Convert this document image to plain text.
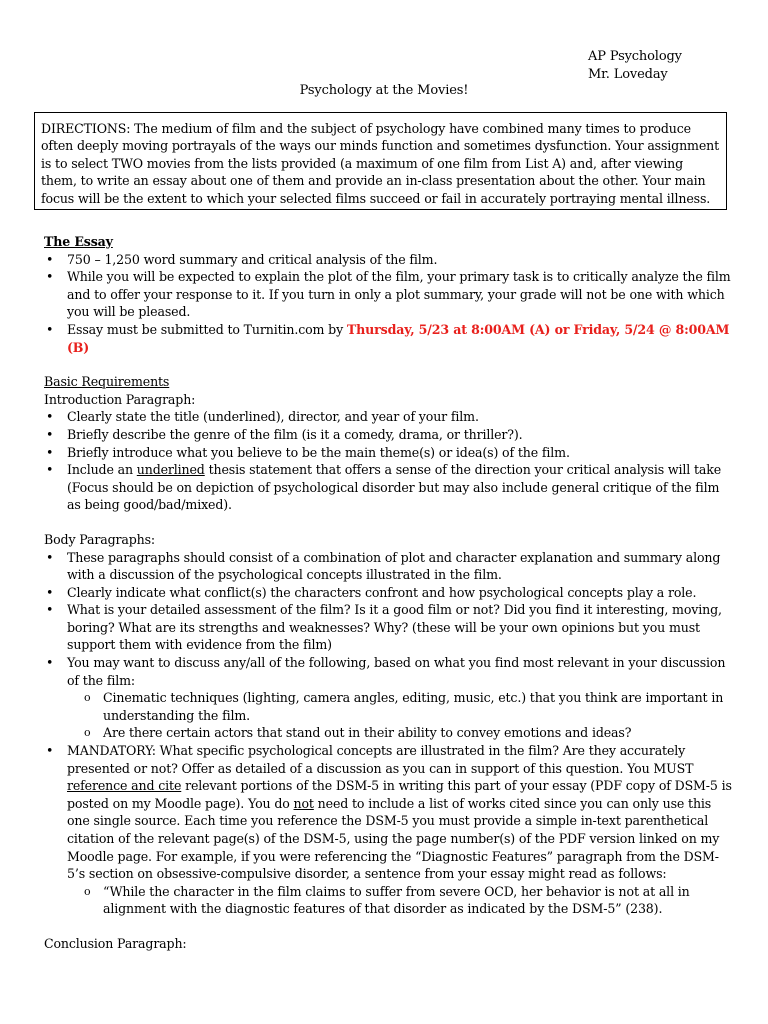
AP Psychology
Mr. Loveday
Psychology at the Movies!
DIRECTIONS: The medium of film and the subject of psychology have combined many times to produce often deeply moving portrayals of the ways our minds function and sometimes dysfunction. Your assignment is to select TWO movies from the lists provided (a maximum of one film from List A) and, after viewing them, to write an essay about one of them and provide an in-class presentation about the other. Your main focus will be the extent to which your selected films succeed or fail in accurately portraying mental illness.
The Essay
• 750 – 1,250 word summary and critical analysis of the film.
• While you will be expected to explain the plot of the film, your primary task is to critically analyze the film and to offer your response to it. If you turn in only a plot summary, your grade will not be one with which you will be pleased.
• Essay must be submitted to Turnitin.com by Thursday, 5/23 at 8:00AM (A) or Friday, 5/24 @ 8:00AM (B)
Basic Requirements
Introduction Paragraph:
• Clearly state the title (underlined), director, and year of your film.
• Briefly describe the genre of the film (is it a comedy, drama, or thriller?).
• Briefly introduce what you believe to be the main theme(s) or idea(s) of the film.
• Include an underlined thesis statement that offers a sense of the direction your critical analysis will take (Focus should be on depiction of psychological disorder but may also include general critique of the film as being good/bad/mixed).
Body Paragraphs:
• These paragraphs should consist of a combination of plot and character explanation and summary along with a discussion of the psychological concepts illustrated in the film.
• Clearly indicate what conflict(s) the characters confront and how psychological concepts play a role.
• What is your detailed assessment of the film? Is it a good film or not? Did you find it interesting, moving, boring? What are its strengths and weaknesses? Why? (these will be your own opinions but you must support them with evidence from the film)
• You may want to discuss any/all of the following, based on what you find most relevant in your discussion of the film:
o Cinematic techniques (lighting, camera angles, editing, music, etc.) that you think are important in understanding the film.
o Are there certain actors that stand out in their ability to convey emotions and ideas?
• MANDATORY: What specific psychological concepts are illustrated in the film? Are they accurately presented or not? Offer as detailed of a discussion as you can in support of this question. You MUST reference and cite relevant portions of the DSM-5 in writing this part of your essay (PDF copy of DSM-5 is posted on my Moodle page). You do not need to include a list of works cited since you can only use this one single source. Each time you reference the DSM-5 you must provide a simple in-text parenthetical citation of the relevant page(s) of the DSM-5, using the page number(s) of the PDF version linked on my Moodle page. For example, if you were referencing the “Diagnostic Features” paragraph from the DSM-5’s section on obsessive-compulsive disorder, a sentence from your essay might read as follows:
o “While the character in the film claims to suffer from severe OCD, her behavior is not at all in alignment with the diagnostic features of that disorder as indicated by the DSM-5” (238).
Conclusion Paragraph:
